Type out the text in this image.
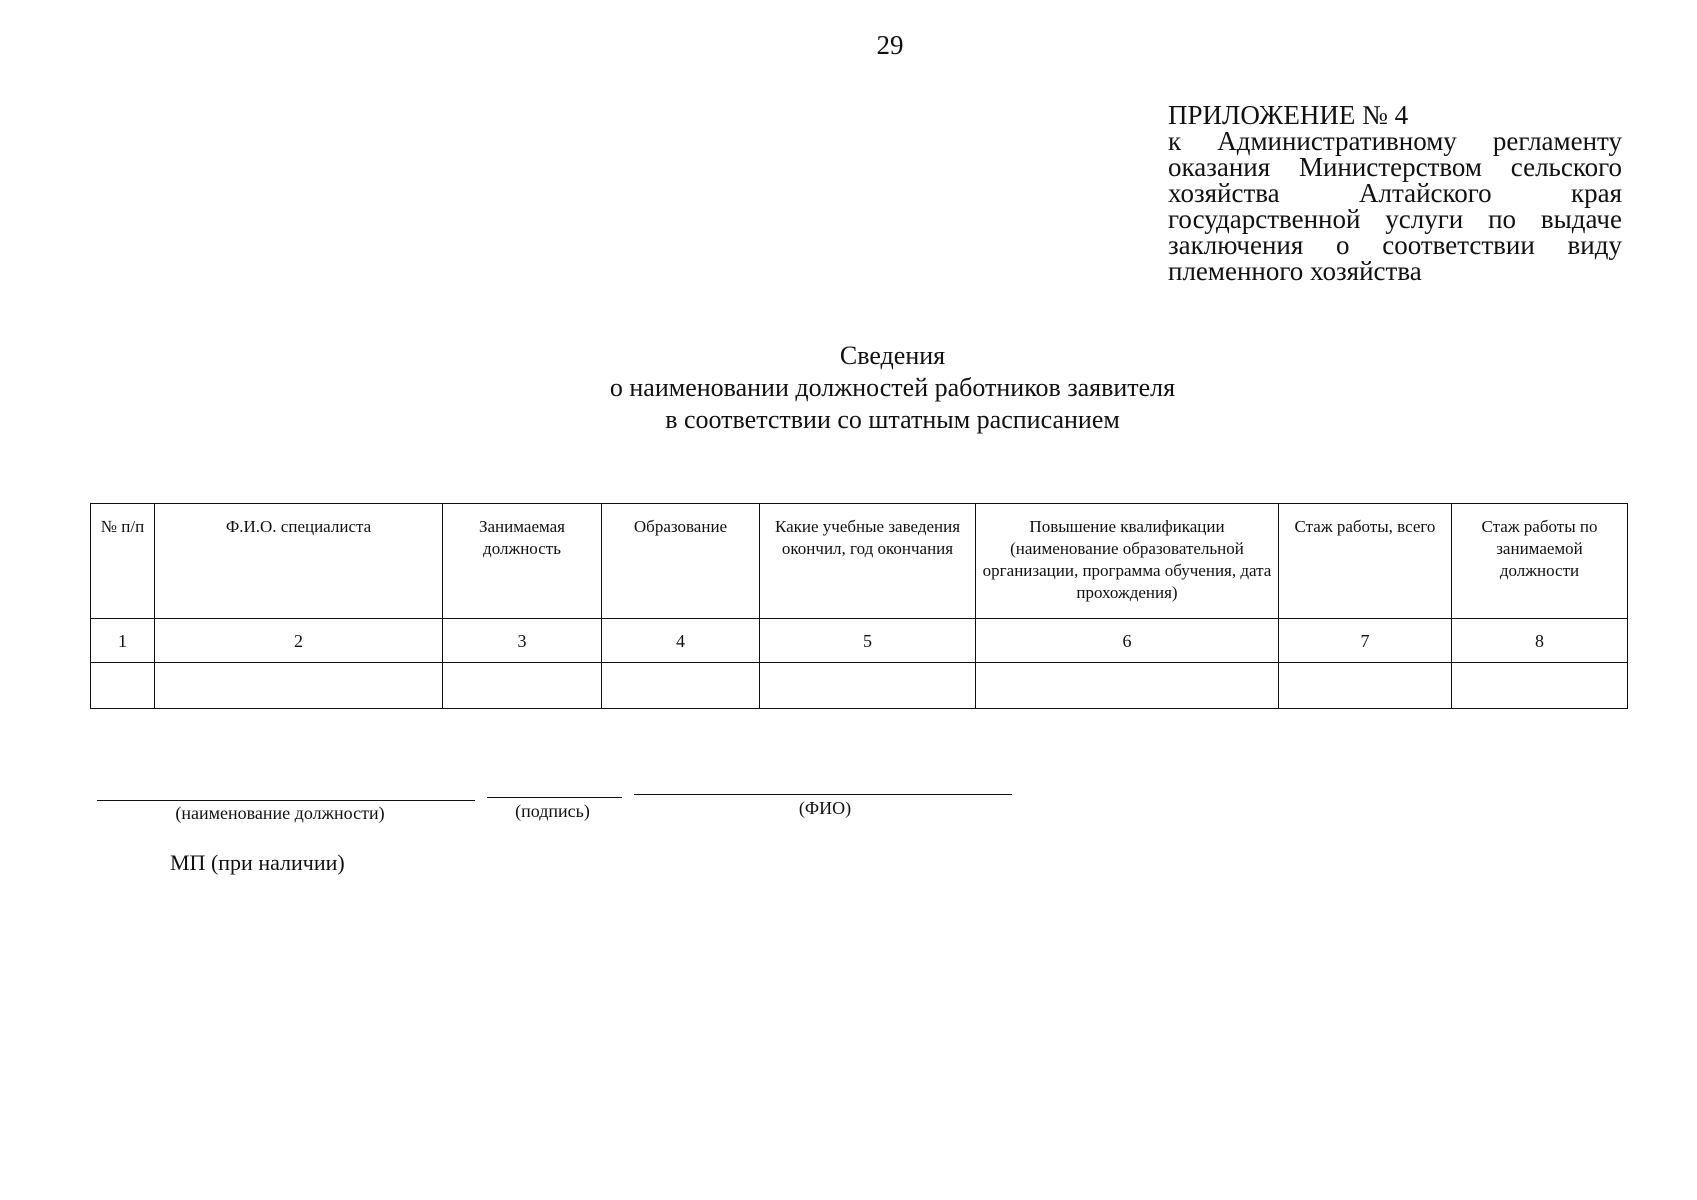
29
ПРИЛОЖЕНИЕ № 4
к Административному регламенту оказания Министерством сельского хозяйства Алтайского края государственной услуги по выдаче заключения о соответствии виду племенного хозяйства
Сведения
о наименовании должностей работников заявителя
в соответствии со штатным расписанием
№ п/п	Ф.И.О. специалиста	Занимаемая должность	Образование	Какие учебные заведения окончил, год окончания	Повышение квалификации (наименование образовательной организации, программа обучения, дата прохождения)	Стаж работы, всего	Стаж работы по занимаемой должности
1	2	3	4	5	6	7	8

(наименование должности)	(подпись)	(ФИО)
МП (при наличии)
